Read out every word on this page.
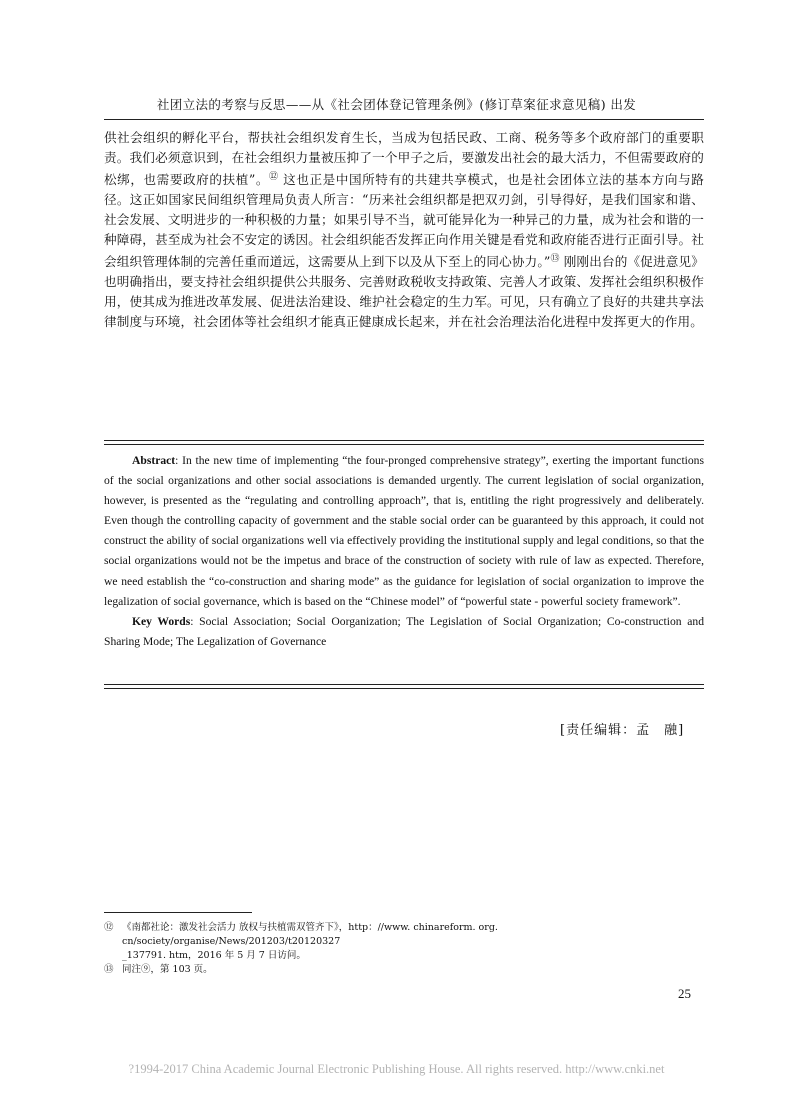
社团立法的考察与反思——从《社会团体登记管理条例》(修订草案征求意见稿) 出发
供社会组织的孵化平台，帮扶社会组织发育生长，当成为包括民政、工商、税务等多个政府部门的重要职责。我们必须意识到，在社会组织力量被压抑了一个甲子之后，要激发出社会的最大活力，不但需要政府的松绑，也需要政府的扶植”。⑫ 这也正是中国所特有的共建共享模式，也是社会团体立法的基本方向与路径。这正如国家民间组织管理局负责人所言：“历来社会组织都是把双刃剑，引导得好，是我们国家和谐、社会发展、文明进步的一种积极的力量；如果引导不当，就可能异化为一种异己的力量，成为社会和谐的一种障碍，甚至成为社会不安定的诱因。社会组织能否发挥正向作用关键是看党和政府能否进行正面引导。社会组织管理体制的完善任重而道远，这需要从上到下以及从下至上的同心协力。”⑬ 刚刚出台的《促进意见》也明确指出，要支持社会组织提供公共服务、完善财政税收支持政策、完善人才政策、发挥社会组织积极作用，使其成为推进改革发展、促进法治建设、维护社会稳定的生力军。可见，只有确立了良好的共建共享法律制度与环境，社会团体等社会组织才能真正健康成长起来，并在社会治理法治化进程中发挥更大的作用。

Abstract: In the new time of implementing “the four-pronged comprehensive strategy”, exerting the important functions of the social organizations and other social associations is demanded urgently. The current legislation of social organization, however, is presented as the “regulating and controlling approach”, that is, entitling the right progressively and deliberately. Even though the controlling capacity of government and the stable social order can be guaranteed by this approach, it could not construct the ability of social organizations well via effectively providing the institutional supply and legal conditions, so that the social organizations would not be the impetus and brace of the construction of society with rule of law as expected. Therefore, we need establish the “co-construction and sharing mode” as the guidance for legislation of social organization to improve the legalization of social governance, which is based on the “Chinese model” of “powerful state - powerful society framework”.

Key Words: Social Association; Social Oorganization; The Legislation of Social Organization; Co-construction and Sharing Mode; The Legalization of Governance

[责任编辑：孟　融]
⑫ 《南都社论：激发社会活力 放权与扶植需双管齐下》，http：//www. chinareform. org. cn/society/organise/News/201203/t20120327
_137791. htm，2016 年 5 月 7 日访问。
⑬ 同注⑨，第 103 页。
25
?1994-2017 China Academic Journal Electronic Publishing House. All rights reserved. http://www.cnki.net
